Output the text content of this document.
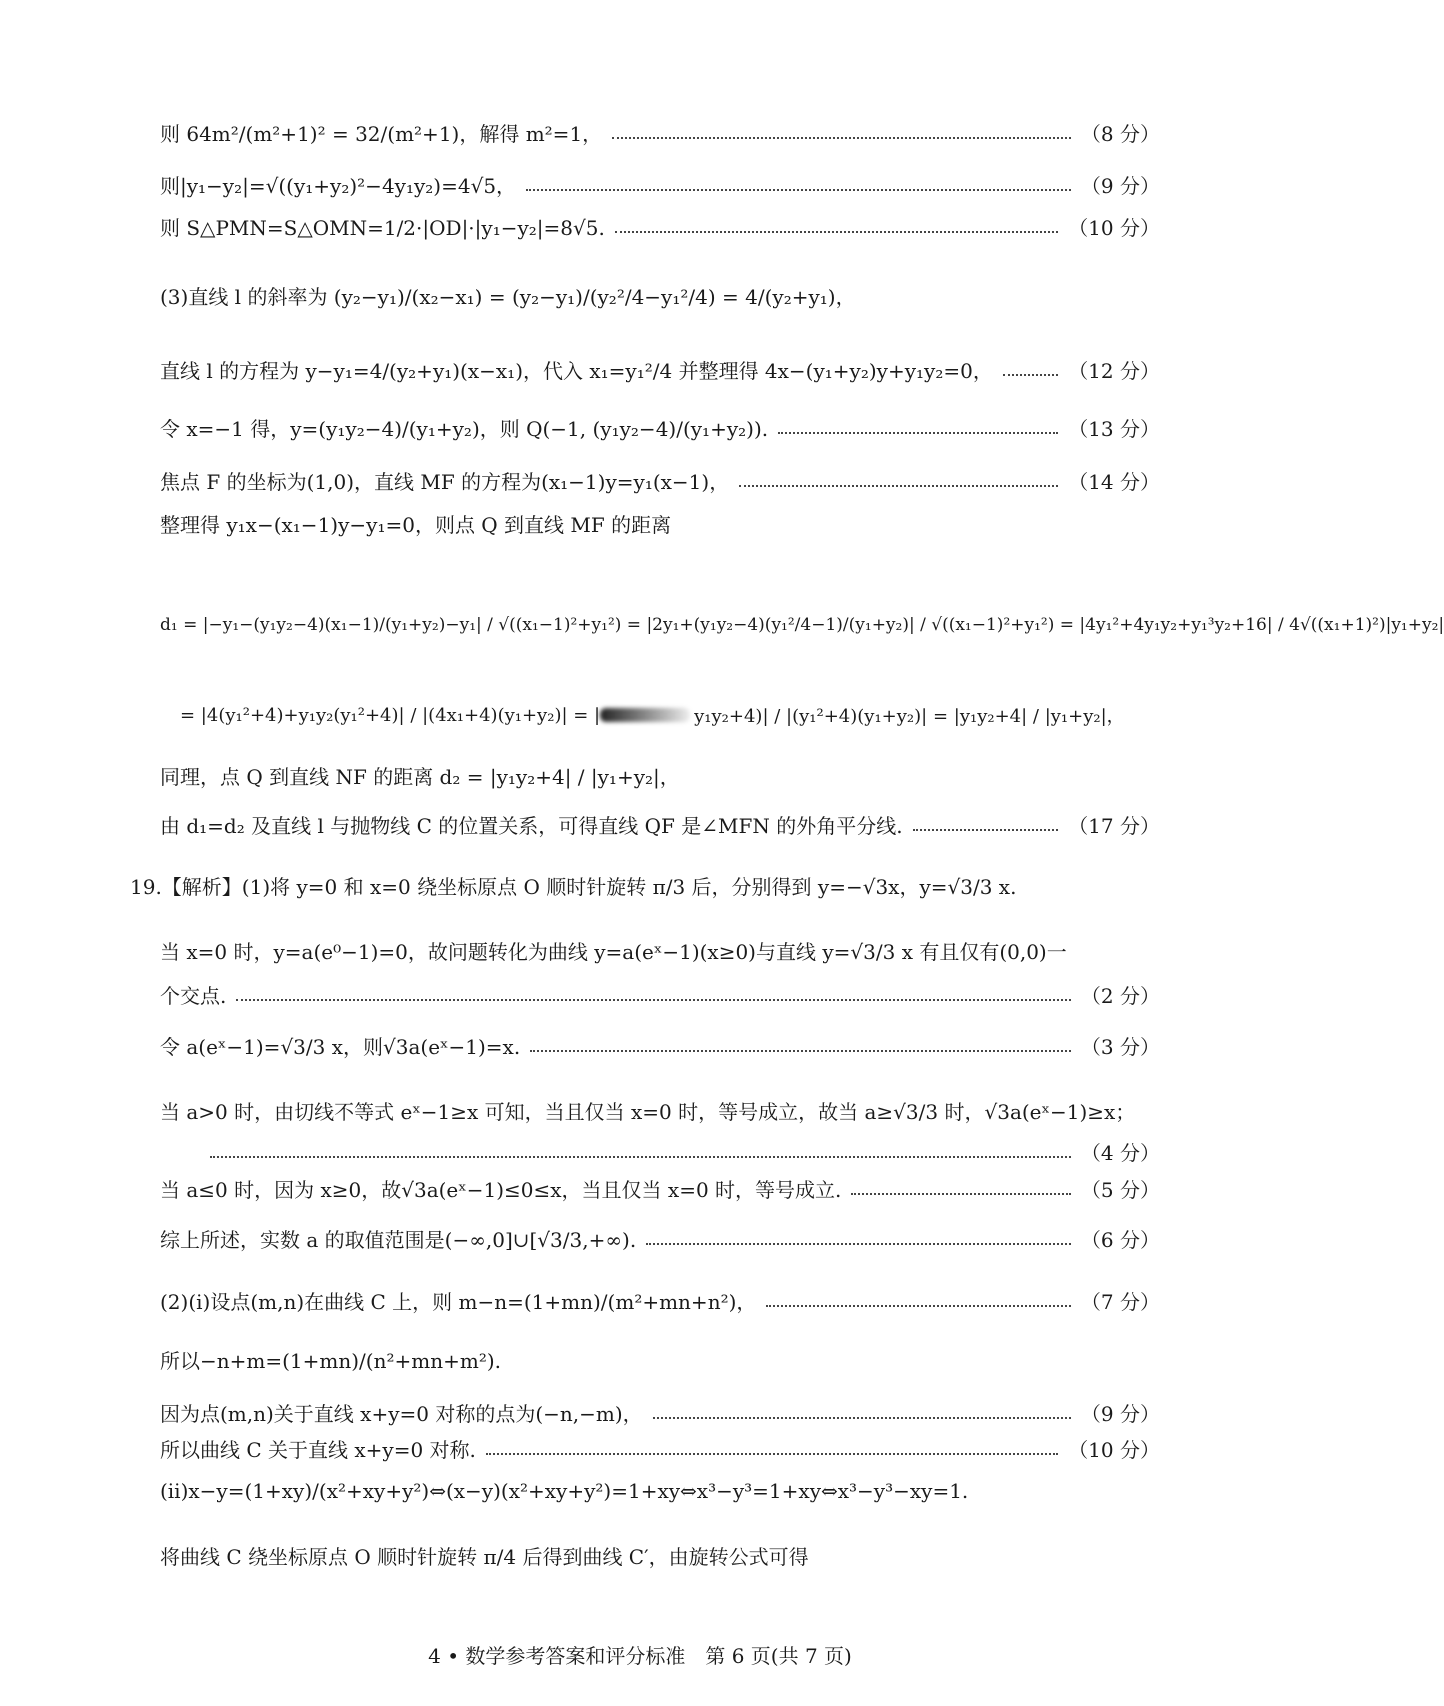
则 64m²/(m²+1)² = 32/(m²+1)，解得 m²=1，	（8 分）
则|y₁−y₂|=√((y₁+y₂)²−4y₁y₂)=4√5，	（9 分）
则 S△PMN=S△OMN=1/2·|OD|·|y₁−y₂|=8√5.	（10 分）
(3)直线 l 的斜率为 (y₂−y₁)/(x₂−x₁) = (y₂−y₁)/(y₂²/4−y₁²/4) = 4/(y₂+y₁)，
直线 l 的方程为 y−y₁=4/(y₂+y₁)(x−x₁)，代入 x₁=y₁²/4 并整理得 4x−(y₁+y₂)y+y₁y₂=0，	（12 分）
令 x=−1 得，y=(y₁y₂−4)/(y₁+y₂)，则 Q(−1, (y₁y₂−4)/(y₁+y₂)).	（13 分）
焦点 F 的坐标为(1,0)，直线 MF 的方程为(x₁−1)y=y₁(x−1)，	（14 分）
整理得 y₁x−(x₁−1)y−y₁=0，则点 Q 到直线 MF 的距离
d₁ = |−y₁−(y₁y₂−4)(x₁−1)/(y₁+y₂)−y₁| / √((x₁−1)²+y₁²) = |2y₁+(y₁y₂−4)(y₁²/4−1)/(y₁+y₂)| / √((x₁−1)²+y₁²) = |4y₁²+4y₁y₂+y₁³y₂+16| / 4√((x₁+1)²)|y₁+y₂|
= |4(y₁²+4)+y₁y₂(y₁²+4)| / |(4x₁+4)(y₁+y₂)| = |	y₁y₂+4)| / |(y₁²+4)(y₁+y₂)| = |y₁y₂+4| / |y₁+y₂|，
同理，点 Q 到直线 NF 的距离 d₂ = |y₁y₂+4| / |y₁+y₂|，
由 d₁=d₂ 及直线 l 与抛物线 C 的位置关系，可得直线 QF 是∠MFN 的外角平分线.	（17 分）
19.【解析】(1)将 y=0 和 x=0 绕坐标原点 O 顺时针旋转 π/3 后，分别得到 y=−√3x，y=√3/3 x.
当 x=0 时，y=a(e⁰−1)=0，故问题转化为曲线 y=a(eˣ−1)(x≥0)与直线 y=√3/3 x 有且仅有(0,0)一
个交点.	（2 分）
令 a(eˣ−1)=√3/3 x，则√3a(eˣ−1)=x.	（3 分）
当 a>0 时，由切线不等式 eˣ−1≥x 可知，当且仅当 x=0 时，等号成立，故当 a≥√3/3 时，√3a(eˣ−1)≥x；
（4 分）
当 a≤0 时，因为 x≥0，故√3a(eˣ−1)≤0≤x，当且仅当 x=0 时，等号成立.	（5 分）
综上所述，实数 a 的取值范围是(−∞,0]∪[√3/3,+∞).	（6 分）
(2)(ⅰ)设点(m,n)在曲线 C 上，则 m−n=(1+mn)/(m²+mn+n²)，	（7 分）
所以−n+m=(1+mn)/(n²+mn+m²).
因为点(m,n)关于直线 x+y=0 对称的点为(−n,−m)，	（9 分）
所以曲线 C 关于直线 x+y=0 对称.	（10 分）
(ⅱ)x−y=(1+xy)/(x²+xy+y²)⇔(x−y)(x²+xy+y²)=1+xy⇔x³−y³=1+xy⇔x³−y³−xy=1.
将曲线 C 绕坐标原点 O 顺时针旋转 π/4 后得到曲线 C′，由旋转公式可得
4 • 数学参考答案和评分标准　第 6 页(共 7 页)
